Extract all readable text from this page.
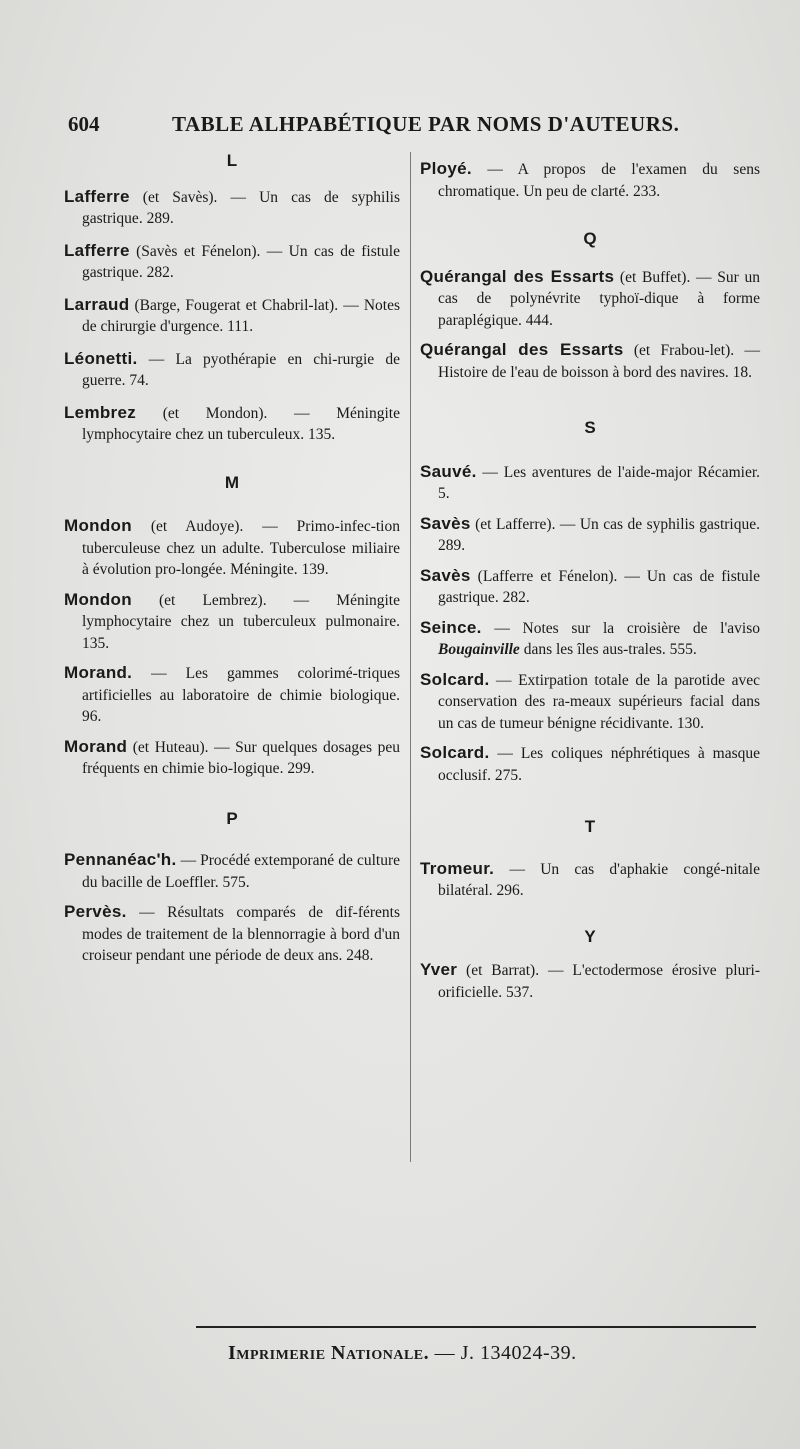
604	TABLE ALHPABÉTIQUE PAR NOMS D'AUTEURS.

L

Lafferre (et Savès). — Un cas de syphilis gastrique. 289.

Lafferre (Savès et Fénelon). — Un cas de fistule gastrique. 282.

Larraud (Barge, Fougerat et Chabril-lat). — Notes de chirurgie d'urgence. 111.

Léonetti. — La pyothérapie en chi-rurgie de guerre. 74.

Lembrez (et Mondon). — Méningite lymphocytaire chez un tuberculeux. 135.

M

Mondon (et Audoye). — Primo-infec-tion tuberculeuse chez un adulte. Tuberculose miliaire à évolution pro-longée. Méningite. 139.

Mondon (et Lembrez). — Méningite lymphocytaire chez un tuberculeux pulmonaire. 135.

Morand. — Les gammes colorimé-triques artificielles au laboratoire de chimie biologique. 96.

Morand (et Huteau). — Sur quelques dosages peu fréquents en chimie bio-logique. 299.

P

Pennanéac'h. — Procédé extemporané de culture du bacille de Loeffler. 575.

Pervès. — Résultats comparés de dif-férents modes de traitement de la blennorragie à bord d'un croiseur pendant une période de deux ans. 248.

Ployé. — A propos de l'examen du sens chromatique. Un peu de clarté. 233.

Q

Quérangal des Essarts (et Buffet). — Sur un cas de polynévrite typhoï-dique à forme paraplégique. 444.

Quérangal des Essarts (et Frabou-let). — Histoire de l'eau de boisson à bord des navires. 18.

S

Sauvé. — Les aventures de l'aide-major Récamier. 5.

Savès (et Lafferre). — Un cas de syphilis gastrique. 289.

Savès (Lafferre et Fénelon). — Un cas de fistule gastrique. 282.

Seince. — Notes sur la croisière de l'aviso Bougainville dans les îles aus-trales. 555.

Solcard. — Extirpation totale de la parotide avec conservation des ra-meaux supérieurs facial dans un cas de tumeur bénigne récidivante. 130.

Solcard. — Les coliques néphrétiques à masque occlusif. 275.

T

Tromeur. — Un cas d'aphakie congé-nitale bilatéral. 296.

Y

Yver (et Barrat). — L'ectodermose érosive pluri-orificielle. 537.

Imprimerie Nationale. — J. 134024-39.
